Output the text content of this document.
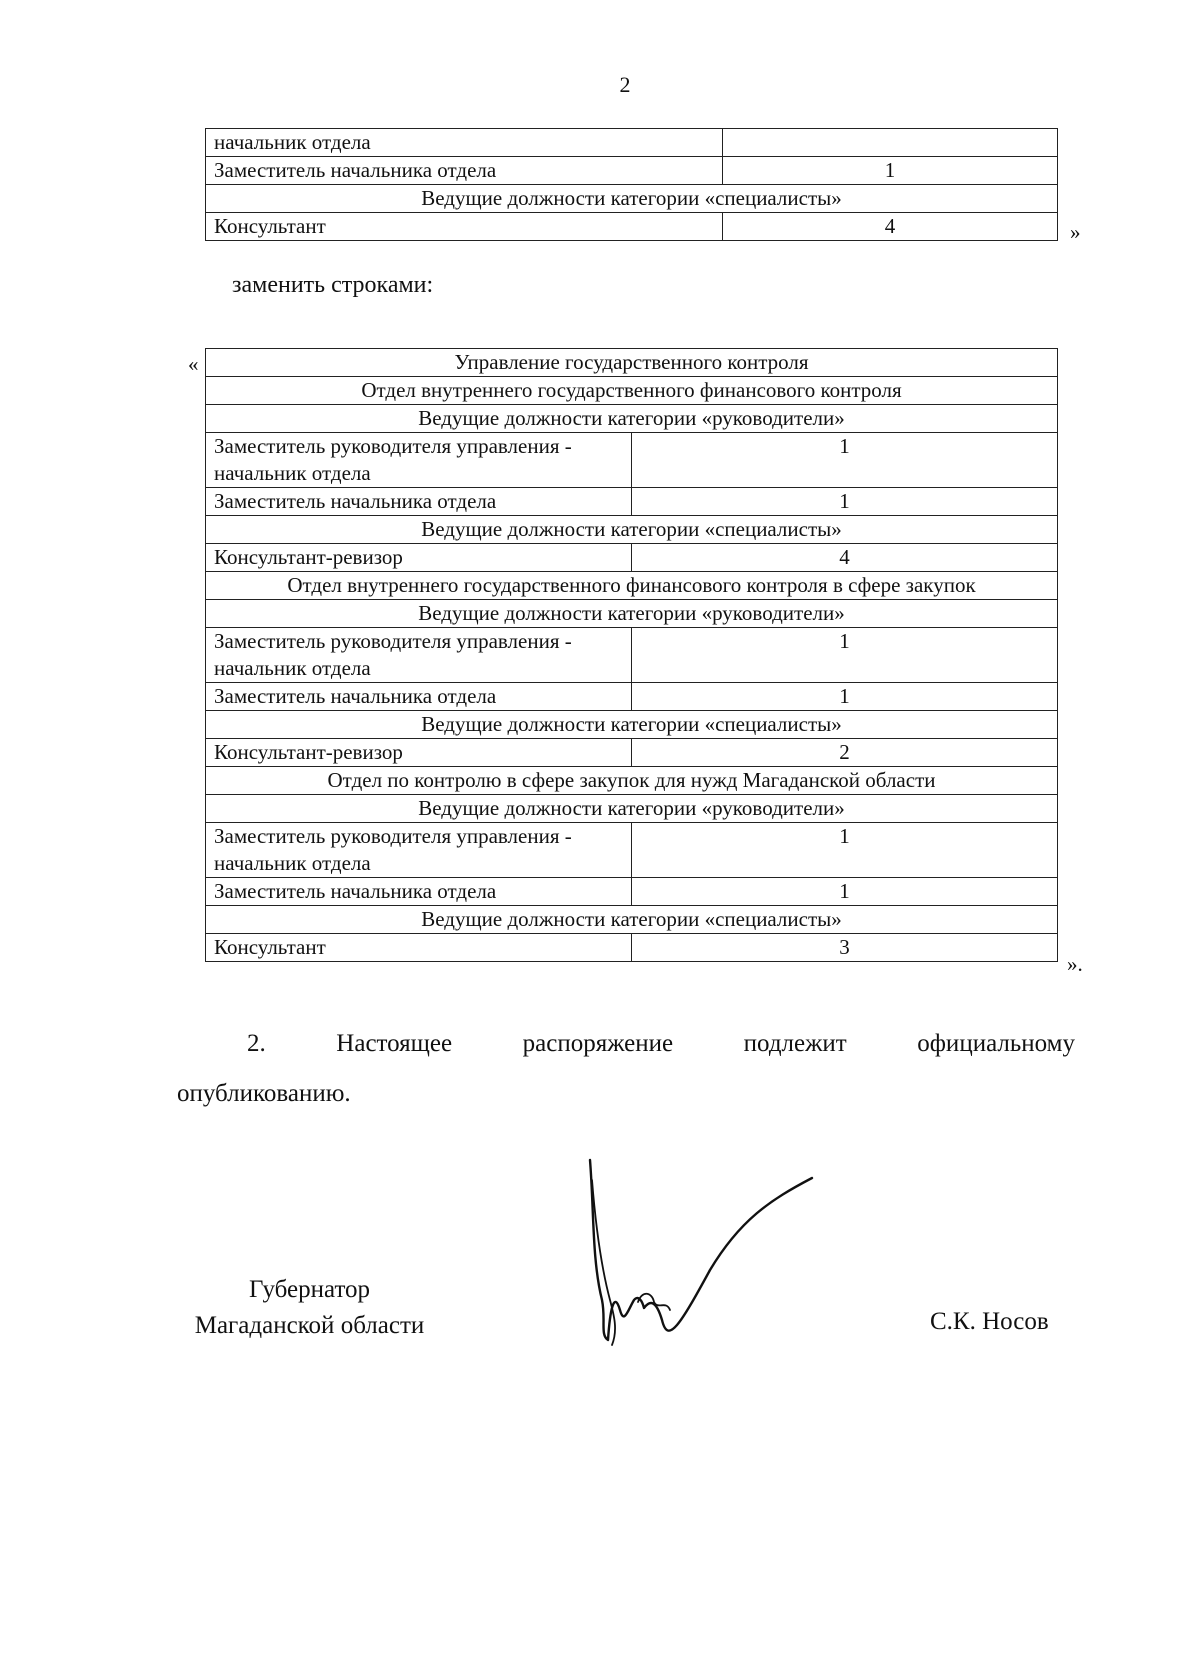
2
начальник отдела	
Заместитель начальника отдела	1
Ведущие должности категории «специалисты»	
Консультант	4	»
заменить строками:
«	Управление государственного контроля	
Отдел внутреннего государственного финансового контроля	
Ведущие должности категории «руководители»	

Заместитель руководителя управления -
начальник отдела	1
Заместитель начальника отдела	1
Ведущие должности категории «специалисты»	
Консультант-ревизор	4
Отдел внутреннего государственного финансового контроля в сфере закупок	
Ведущие должности категории «руководители»	

Заместитель руководителя управления -
начальник отдела	1
Заместитель начальника отдела	1
Ведущие должности категории «специалисты»	
Консультант-ревизор	2
Отдел по контролю в сфере закупок для нужд Магаданской области	
Ведущие должности категории «руководители»	

Заместитель руководителя управления -
начальник отдела	1
Заместитель начальника отдела	1
Ведущие должности категории «специалисты»	
Консультант	3
».
2. Настоящее распоряжение подлежит официальному
опубликованию.
Губернатор
Магаданской области	С.К. Носов
